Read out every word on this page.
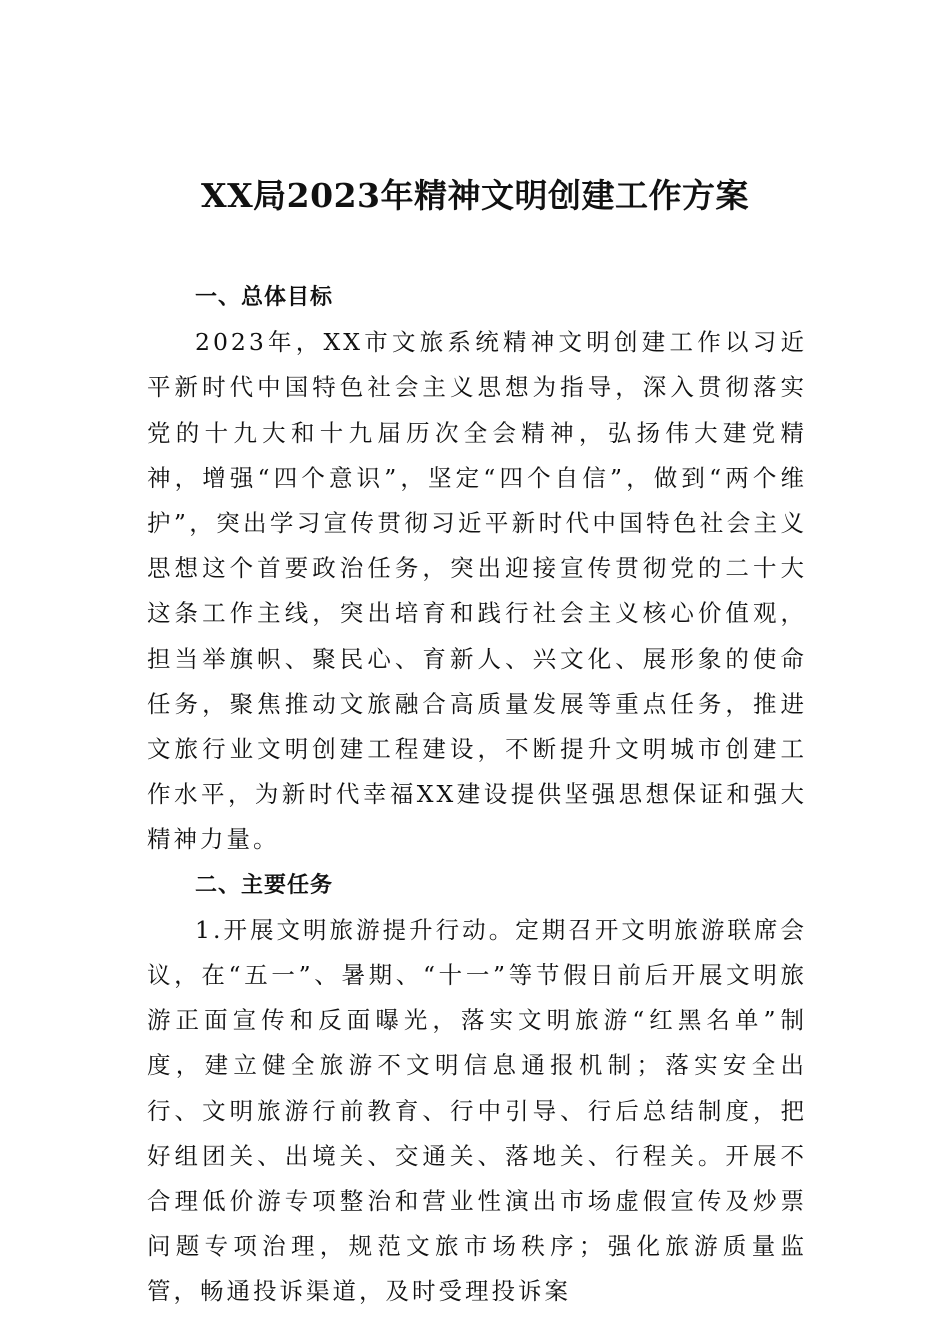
XX局2023年精神文明创建工作方案
一、总体目标
2023年，XX市文旅系统精神文明创建工作以习近平新时代中国特色社会主义思想为指导，深入贯彻落实党的十九大和十九届历次全会精神，弘扬伟大建党精神，增强“四个意识”，坚定“四个自信”，做到“两个维护”，突出学习宣传贯彻习近平新时代中国特色社会主义思想这个首要政治任务，突出迎接宣传贯彻党的二十大这条工作主线，突出培育和践行社会主义核心价值观，担当举旗帜、聚民心、育新人、兴文化、展形象的使命任务，聚焦推动文旅融合高质量发展等重点任务，推进文旅行业文明创建工程建设，不断提升文明城市创建工作水平，为新时代幸福XX建设提供坚强思想保证和强大精神力量。
二、主要任务
1.开展文明旅游提升行动。定期召开文明旅游联席会议，在“五一”、暑期、“十一”等节假日前后开展文明旅游正面宣传和反面曝光，落实文明旅游“红黑名单”制度，建立健全旅游不文明信息通报机制；落实安全出行、文明旅游行前教育、行中引导、行后总结制度，把好组团关、出境关、交通关、落地关、行程关。开展不合理低价游专项整治和营业性演出市场虚假宣传及炒票问题专项治理，规范文旅市场秩序；强化旅游质量监管，畅通投诉渠道，及时受理投诉案
